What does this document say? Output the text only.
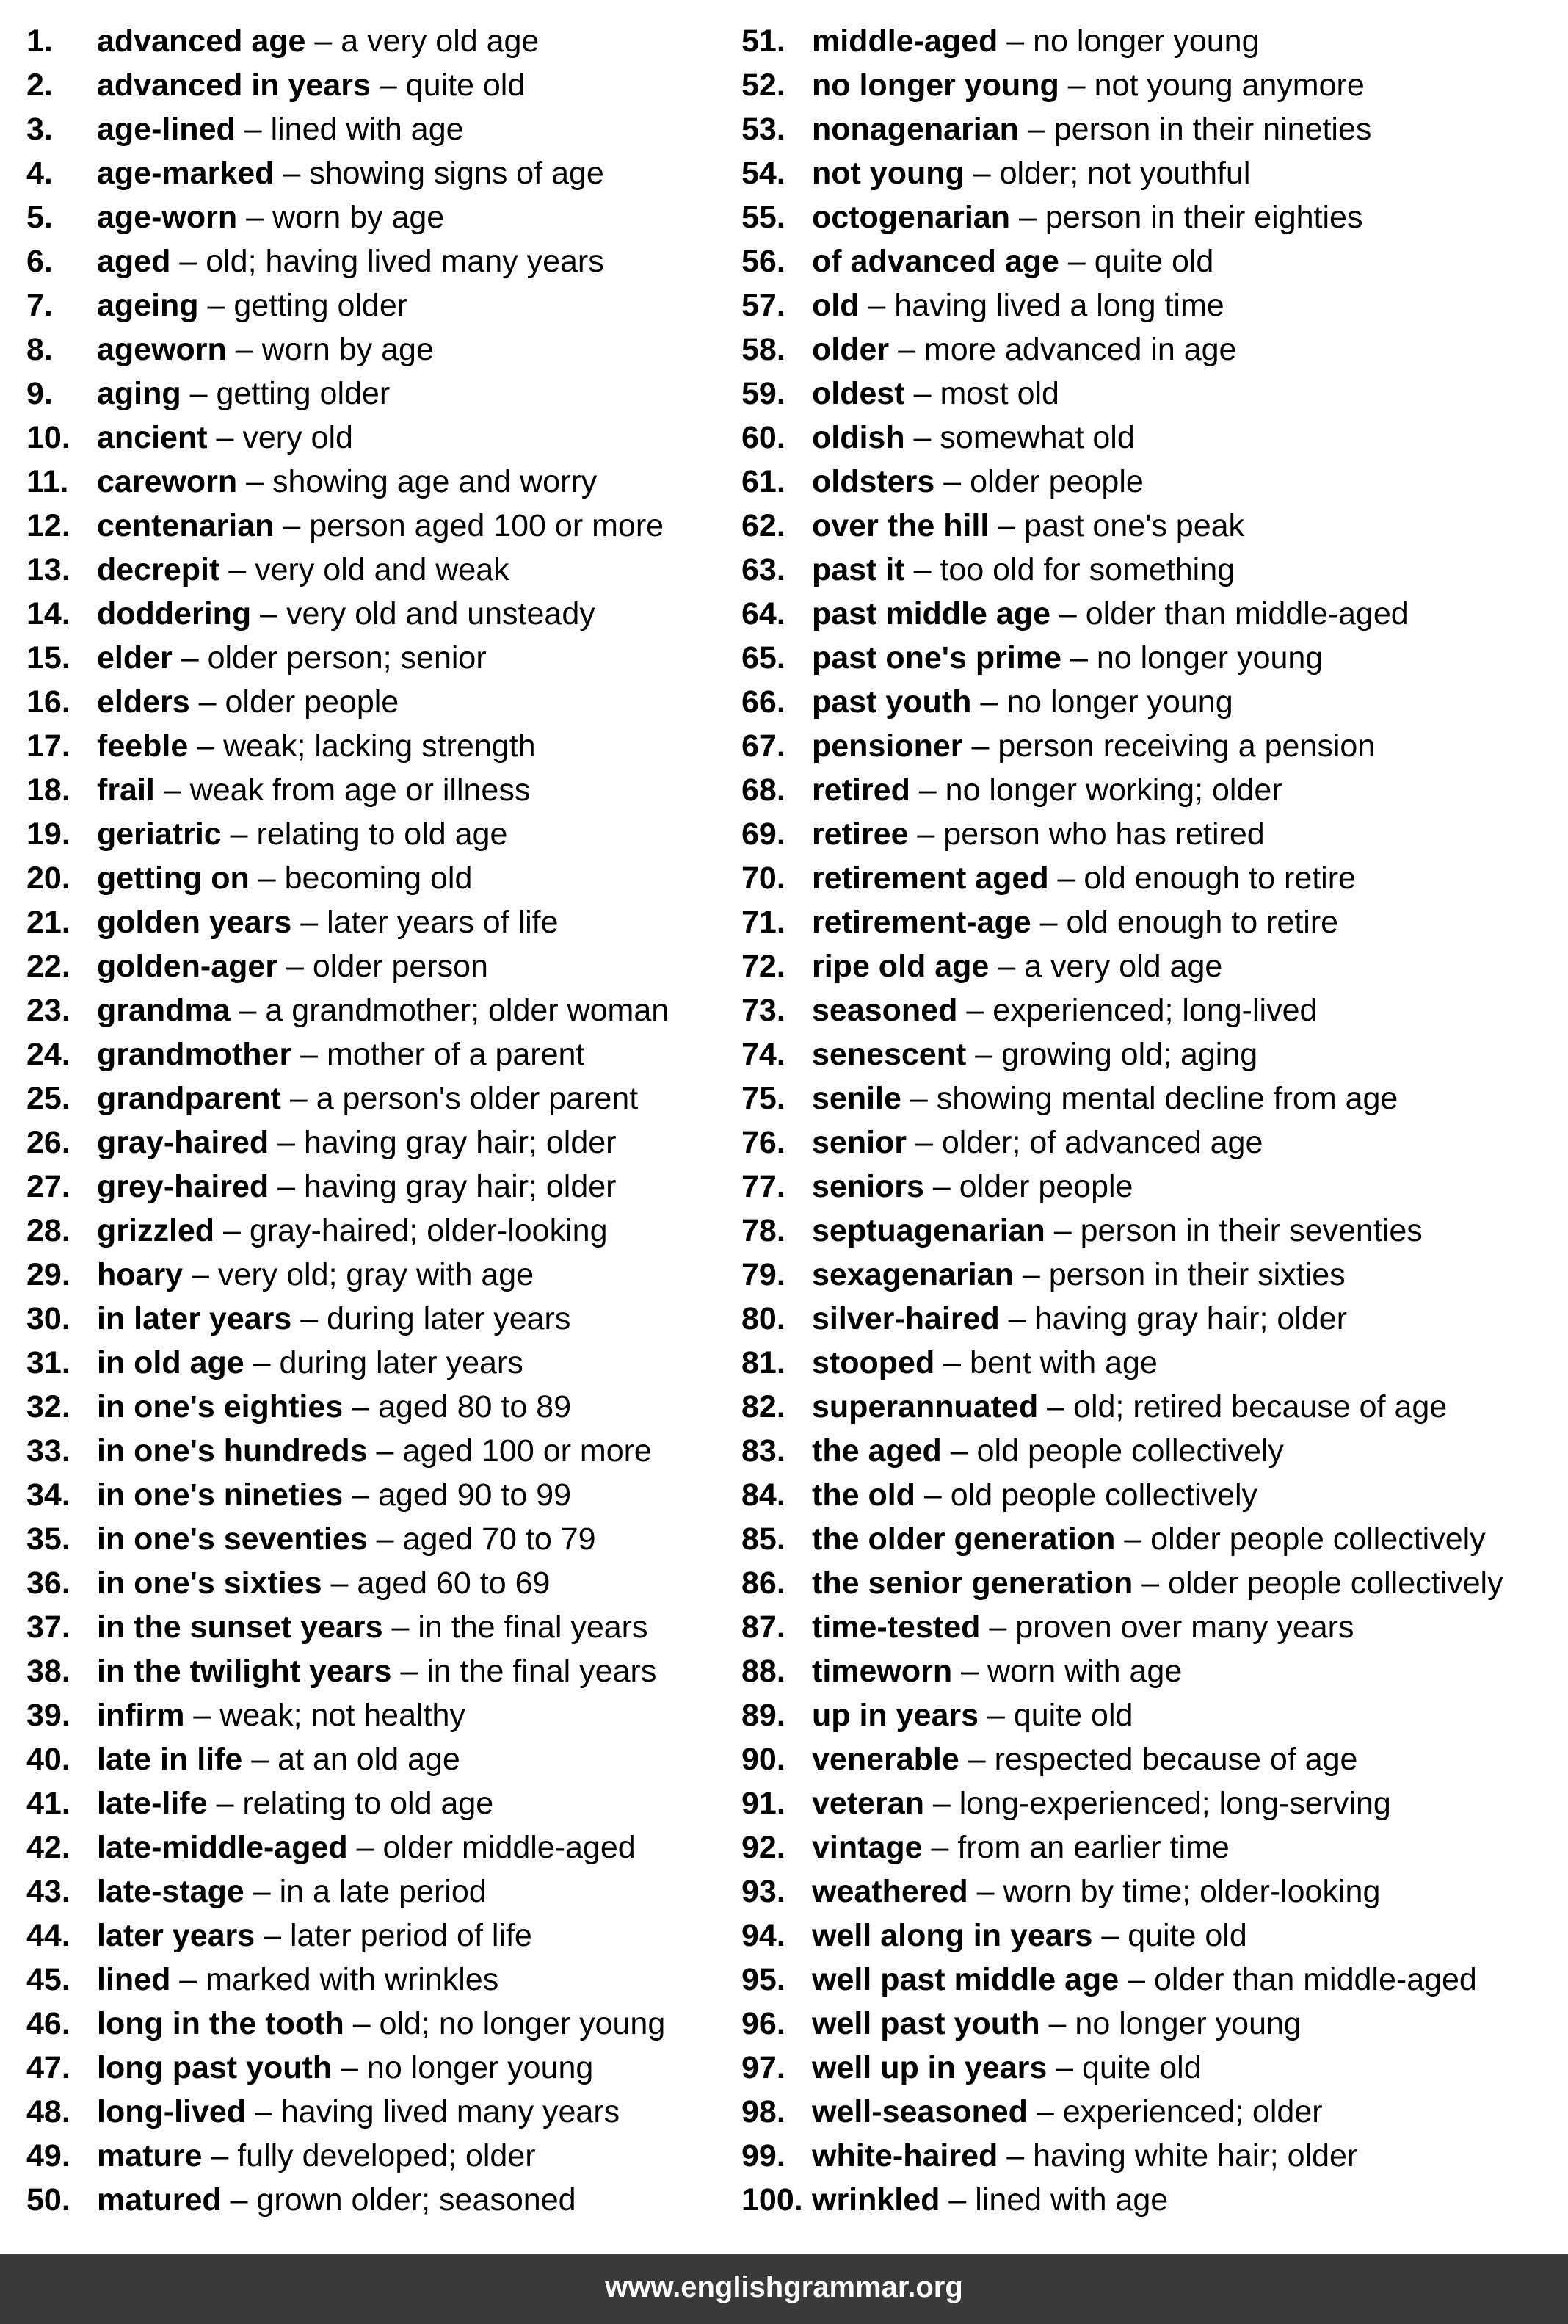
1. advanced age – a very old age
2. advanced in years – quite old
3. age-lined – lined with age
4. age-marked – showing signs of age
5. age-worn – worn by age
6. aged – old; having lived many years
7. ageing – getting older
8. ageworn – worn by age
9. aging – getting older
10. ancient – very old
11. careworn – showing age and worry
12. centenarian – person aged 100 or more
13. decrepit – very old and weak
14. doddering – very old and unsteady
15. elder – older person; senior
16. elders – older people
17. feeble – weak; lacking strength
18. frail – weak from age or illness
19. geriatric – relating to old age
20. getting on – becoming old
21. golden years – later years of life
22. golden-ager – older person
23. grandma – a grandmother; older woman
24. grandmother – mother of a parent
25. grandparent – a person's older parent
26. gray-haired – having gray hair; older
27. grey-haired – having gray hair; older
28. grizzled – gray-haired; older-looking
29. hoary – very old; gray with age
30. in later years – during later years
31. in old age – during later years
32. in one's eighties – aged 80 to 89
33. in one's hundreds – aged 100 or more
34. in one's nineties – aged 90 to 99
35. in one's seventies – aged 70 to 79
36. in one's sixties – aged 60 to 69
37. in the sunset years – in the final years
38. in the twilight years – in the final years
39. infirm – weak; not healthy
40. late in life – at an old age
41. late-life – relating to old age
42. late-middle-aged – older middle-aged
43. late-stage – in a late period
44. later years – later period of life
45. lined – marked with wrinkles
46. long in the tooth – old; no longer young
47. long past youth – no longer young
48. long-lived – having lived many years
49. mature – fully developed; older
50. matured – grown older; seasoned
51. middle-aged – no longer young
52. no longer young – not young anymore
53. nonagenarian – person in their nineties
54. not young – older; not youthful
55. octogenarian – person in their eighties
56. of advanced age – quite old
57. old – having lived a long time
58. older – more advanced in age
59. oldest – most old
60. oldish – somewhat old
61. oldsters – older people
62. over the hill – past one's peak
63. past it – too old for something
64. past middle age – older than middle-aged
65. past one's prime – no longer young
66. past youth – no longer young
67. pensioner – person receiving a pension
68. retired – no longer working; older
69. retiree – person who has retired
70. retirement aged – old enough to retire
71. retirement-age – old enough to retire
72. ripe old age – a very old age
73. seasoned – experienced; long-lived
74. senescent – growing old; aging
75. senile – showing mental decline from age
76. senior – older; of advanced age
77. seniors – older people
78. septuagenarian – person in their seventies
79. sexagenarian – person in their sixties
80. silver-haired – having gray hair; older
81. stooped – bent with age
82. superannuated – old; retired because of age
83. the aged – old people collectively
84. the old – old people collectively
85. the older generation – older people collectively
86. the senior generation – older people collectively
87. time-tested – proven over many years
88. timeworn – worn with age
89. up in years – quite old
90. venerable – respected because of age
91. veteran – long-experienced; long-serving
92. vintage – from an earlier time
93. weathered – worn by time; older-looking
94. well along in years – quite old
95. well past middle age – older than middle-aged
96. well past youth – no longer young
97. well up in years – quite old
98. well-seasoned – experienced; older
99. white-haired – having white hair; older
100. wrinkled – lined with age
www.englishgrammar.org
